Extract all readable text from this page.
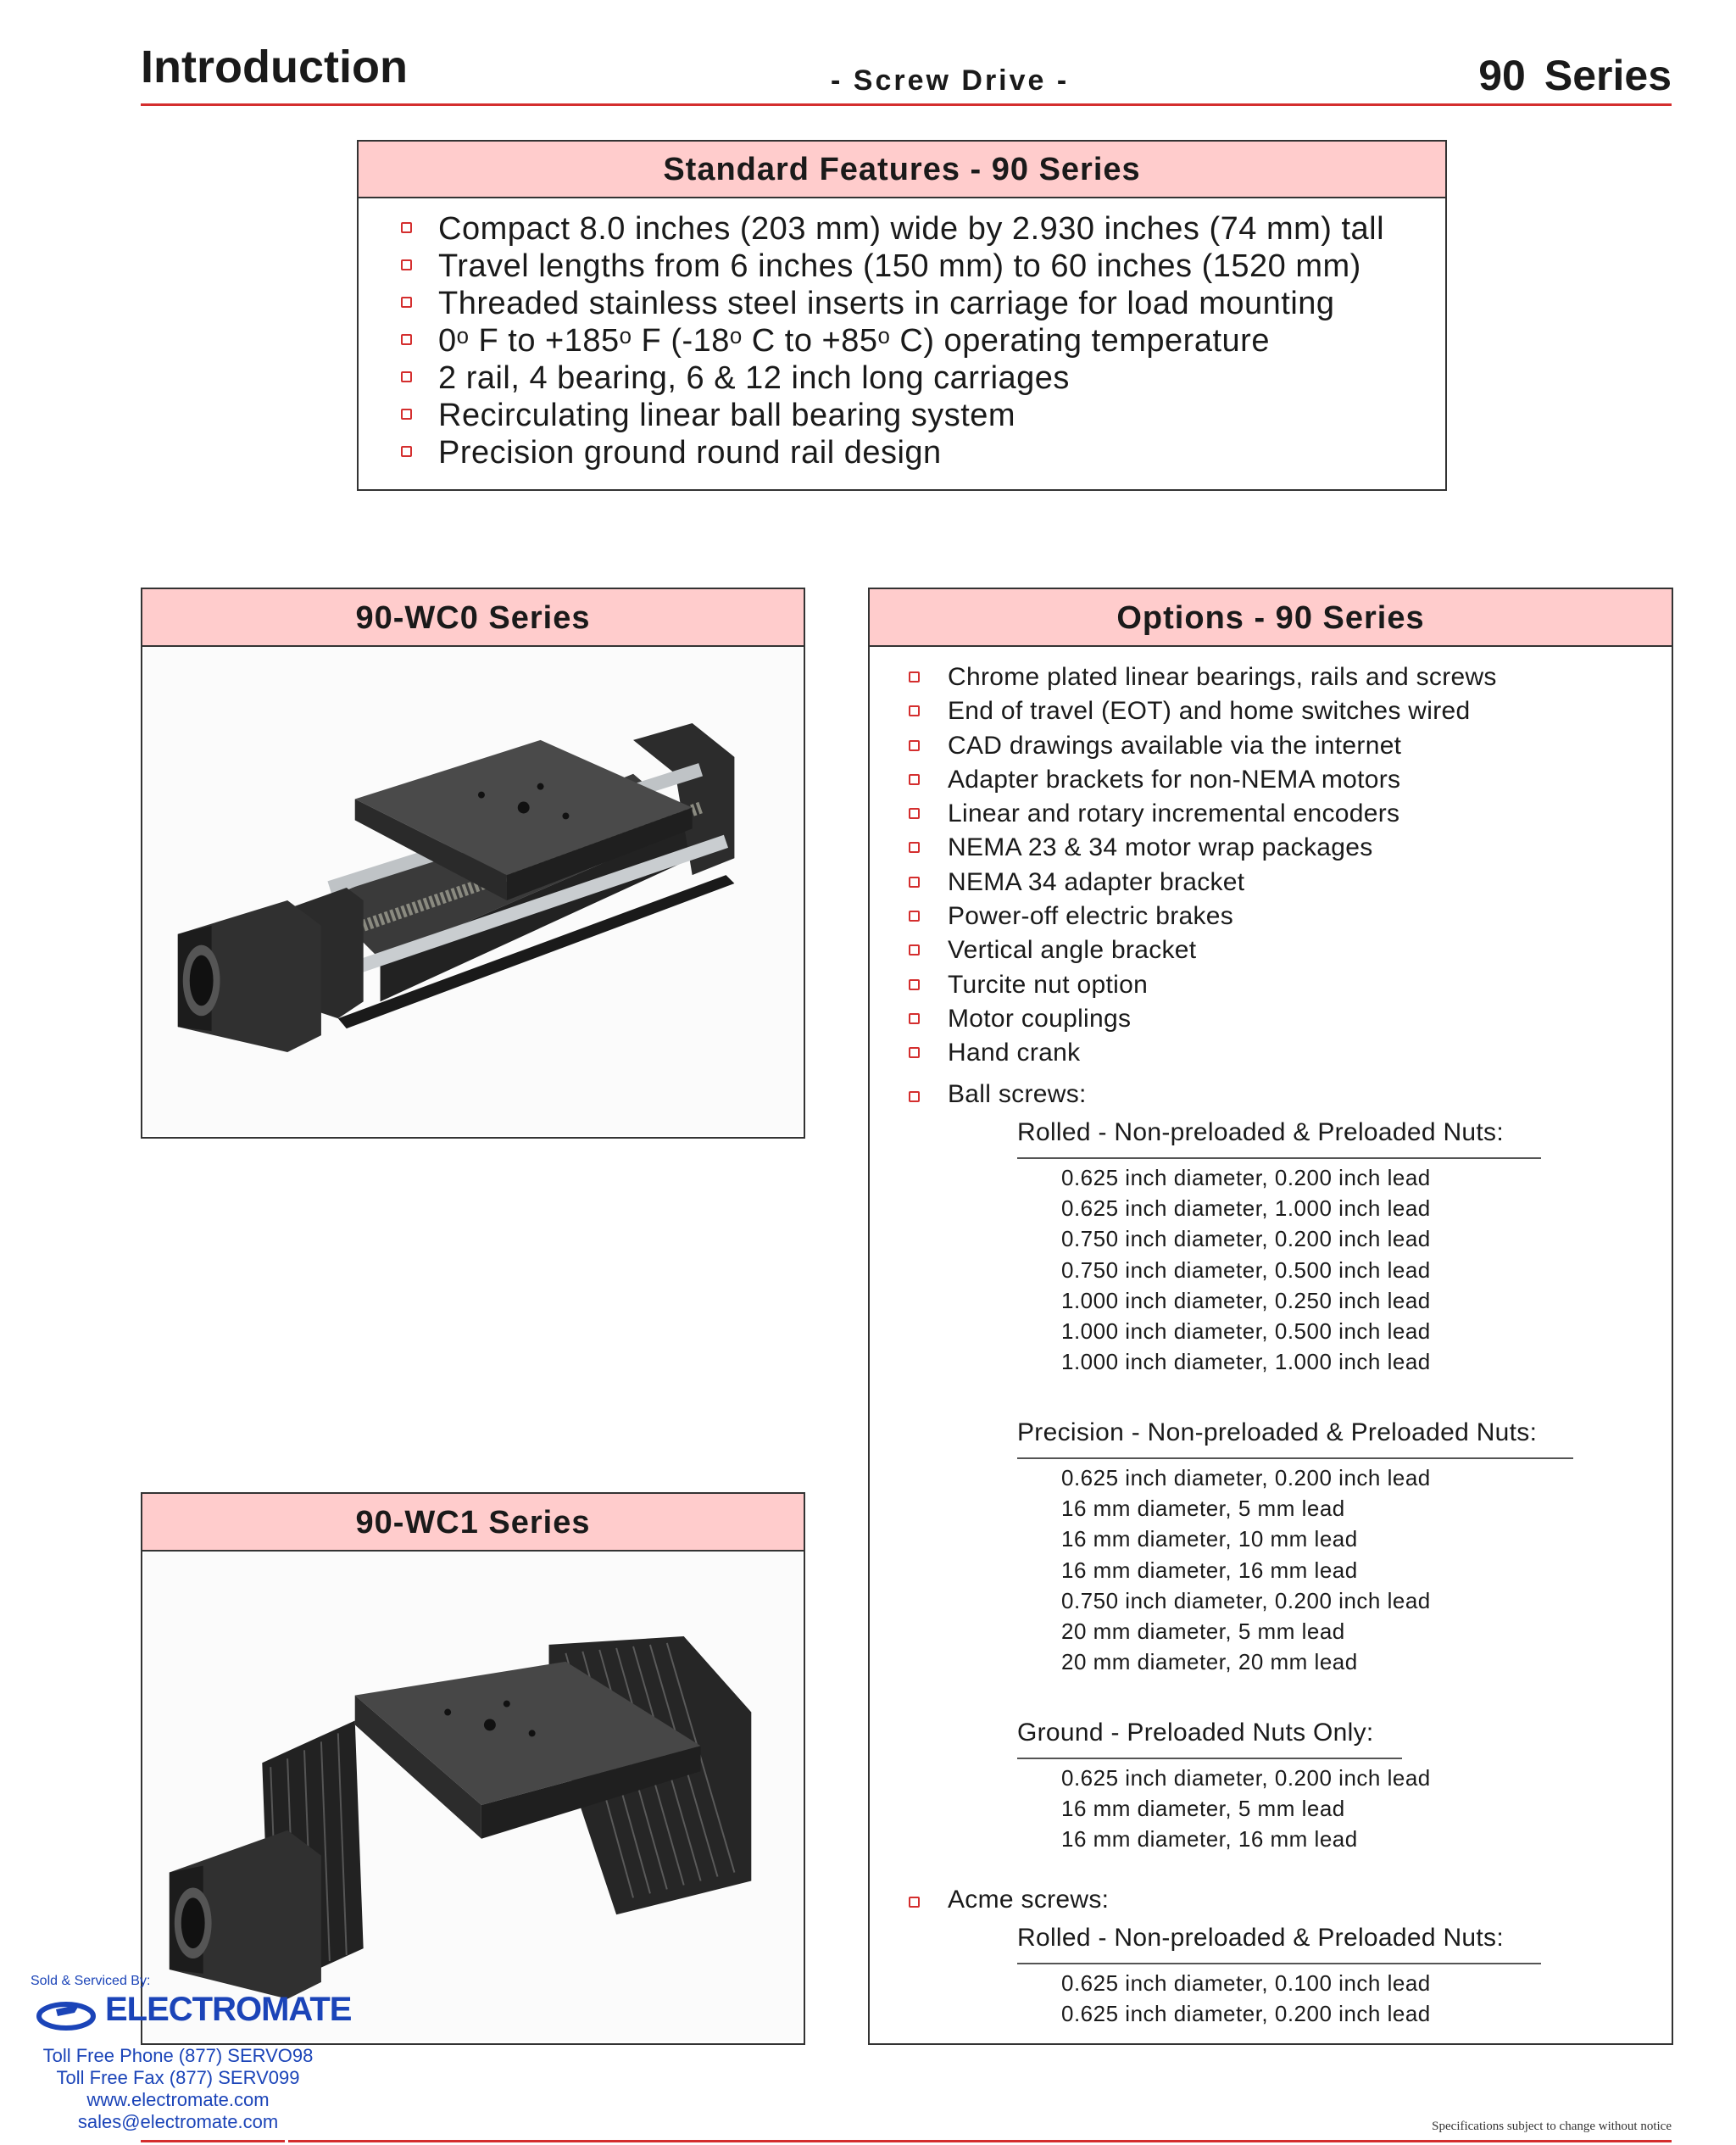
Introduction	- Screw Drive -	90 Series
Standard Features - 90 Series
Compact 8.0 inches (203 mm) wide by 2.930 inches (74 mm) tall
Travel lengths from 6 inches (150 mm) to 60 inches (1520 mm)
Threaded stainless steel inserts in carriage for load mounting
0ᵒ F to +185ᵒ F (-18ᵒ C to +85ᵒ C) operating temperature
2 rail, 4 bearing, 6 & 12 inch long carriages
Recirculating linear ball bearing system
Precision ground round rail design
90-WC0 Series
90-WC1 Series
Options - 90 Series
Chrome plated linear bearings, rails and screws
End of travel (EOT) and home switches wired
CAD drawings available via the internet
Adapter brackets for non-NEMA motors
Linear and rotary incremental encoders
NEMA 23 & 34 motor wrap packages
NEMA 34 adapter bracket
Power-off electric brakes
Vertical angle bracket
Turcite nut option
Motor couplings
Hand crank
Ball screws:
Rolled - Non-preloaded & Preloaded Nuts:
0.625 inch diameter, 0.200 inch lead
0.625 inch diameter, 1.000 inch lead
0.750 inch diameter, 0.200 inch lead
0.750 inch diameter, 0.500 inch lead
1.000 inch diameter, 0.250 inch lead
1.000 inch diameter, 0.500 inch lead
1.000 inch diameter, 1.000 inch lead
Precision - Non-preloaded & Preloaded Nuts:
0.625 inch diameter, 0.200 inch lead
16 mm diameter, 5 mm lead
16 mm diameter, 10 mm lead
16 mm diameter, 16 mm lead
0.750 inch diameter, 0.200 inch lead
20 mm diameter, 5 mm lead
20 mm diameter, 20 mm lead
Ground - Preloaded Nuts Only:
0.625 inch diameter, 0.200 inch lead
16 mm diameter, 5 mm lead
16 mm diameter, 16 mm lead
Acme screws:
Rolled - Non-preloaded & Preloaded Nuts:
0.625 inch diameter, 0.100 inch lead
0.625 inch diameter, 0.200 inch lead
Sold & Serviced By:
ELECTROMATE
Toll Free Phone (877) SERVO98
Toll Free Fax (877) SERV099
www.electromate.com
sales@electromate.com	Specifications subject to change without notice
